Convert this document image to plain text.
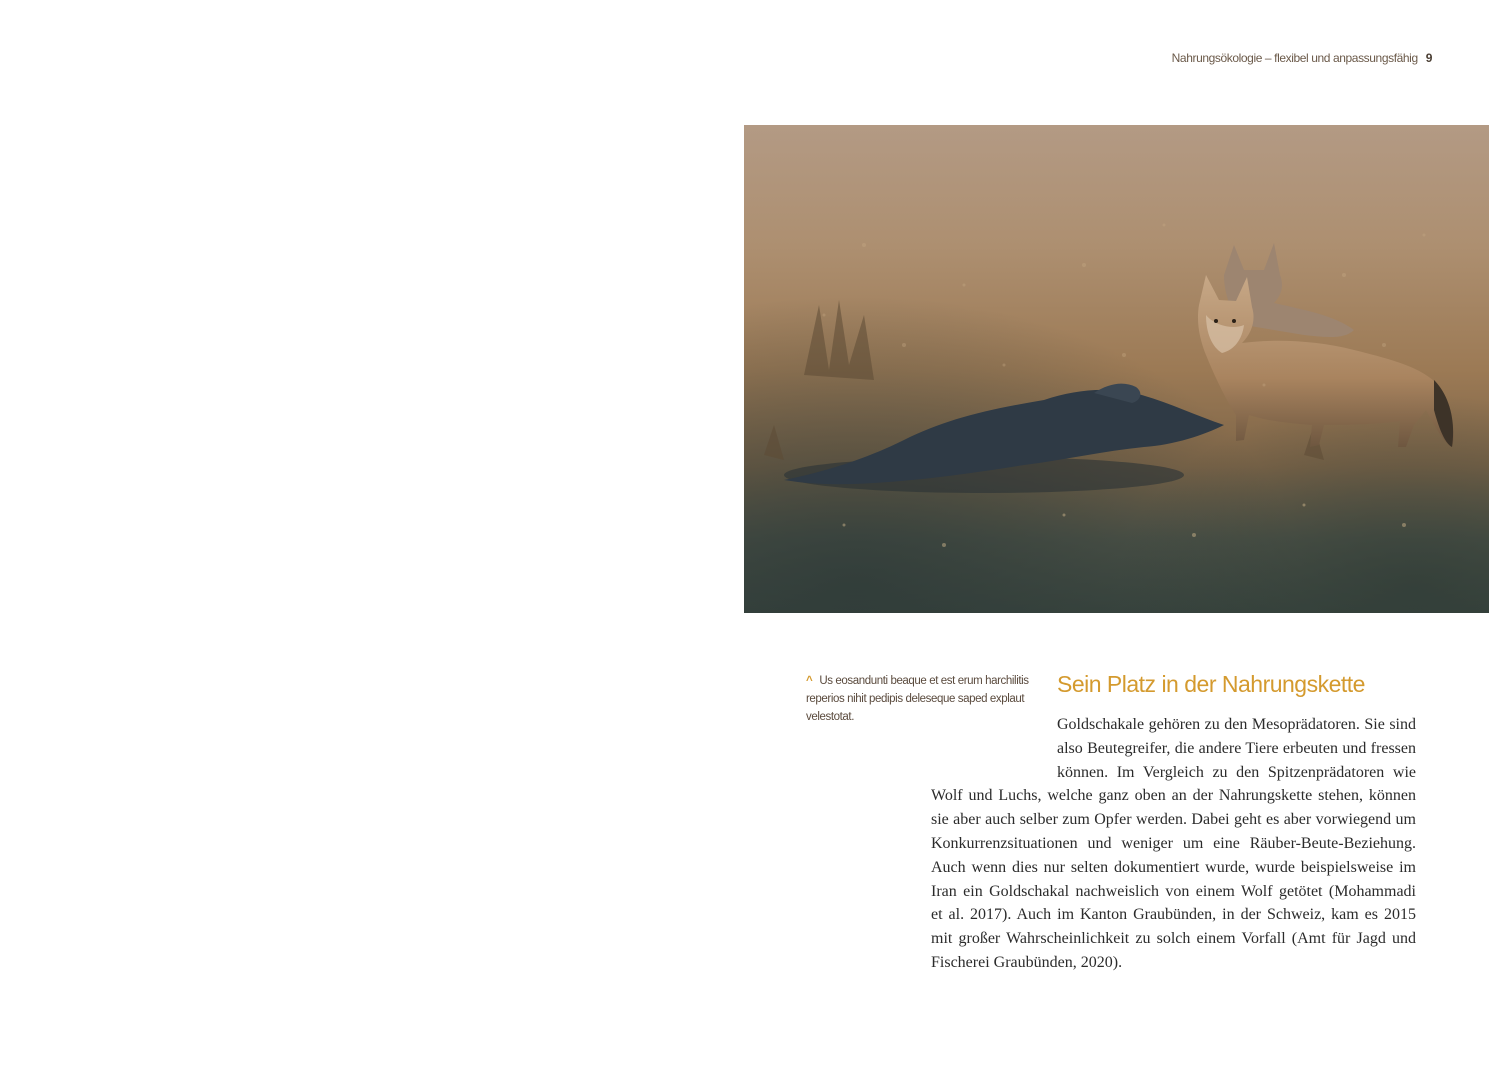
Nahrungsökologie – flexibel und anpassungsfähig 9
^ Us eosandunti beaque et est erum harchilitis
reperios nihit pedipis deleseque saped explaut
velestotat.
Sein Platz in der Nahrungskette
Goldschakale gehören zu den Mesoprädatoren. Sie sind
also Beutegreifer, die andere Tiere erbeuten und fressen
können. Im Vergleich zu den Spitzenprädatoren wie
Wolf und Luchs, welche ganz oben an der Nahrungskette stehen, können
sie aber auch selber zum Opfer werden. Dabei geht es aber vorwiegend um
Konkurrenzsituationen und weniger um eine Räuber-Beute-Beziehung.
Auch wenn dies nur selten dokumentiert wurde, wurde beispielsweise im
Iran ein Goldschakal nachweislich von einem Wolf getötet (Mohammadi
et al. 2017). Auch im Kanton Graubünden, in der Schweiz, kam es 2015
mit großer Wahrscheinlichkeit zu solch einem Vorfall (Amt für Jagd und
Fischerei Graubünden, 2020).
